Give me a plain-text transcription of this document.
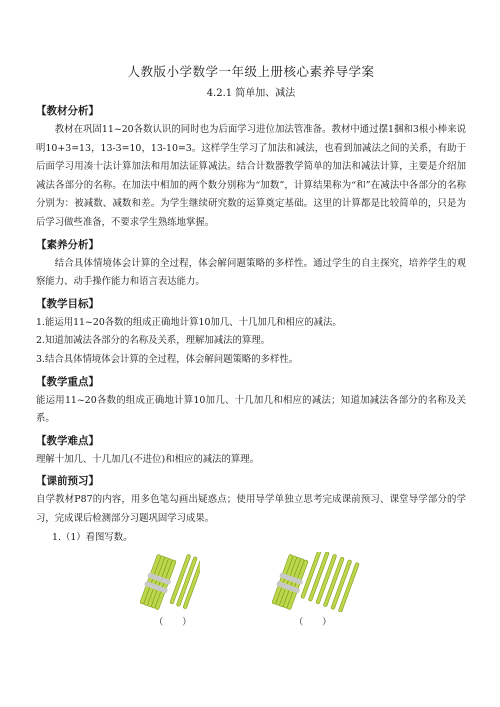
人教版小学数学一年级上册核心素养导学案
4.2.1 简单加、减法
【教材分析】

教材在巩固11~20各数认识的同时也为后面学习进位加法管准备。教材中通过摆1捆和3根小棒来说明10+3=13，13-3=10，13-10=3。这样学生学习了加法和减法，也看到加减法之间的关系，有助于后面学习用凑十法计算加法和用加法证算减法。结合计数器教学简单的加法和减法计算，主要是介绍加减法各部分的名称。在加法中相加的两个数分别称为“加数”，计算结果称为“和”在减法中各部分的名称分别为：被减数、减数和差。为学生继续研究数的运算奠定基础。这里的计算都是比较简单的，只是为后学习做些准备，不要求学生熟练地掌握。

【素养分析】

结合具体情境体会计算的全过程，体会解问题策略的多样性。通过学生的自主探究，培养学生的观察能力、动手操作能力和语言表达能力。

【教学目标】

1.能运用11~20各数的组成正确地计算10加几、十几加几和相应的减法。

2.知道加减法各部分的名称及关系，理解加减法的算理。

3.结合具体情境体会计算的全过程，体会解问题策略的多样性。

【教学重点】

能运用11~20各数的组成正确地计算10加几、十几加几和相应的减法；知道加减法各部分的名称及关系。

【教学难点】

理解十加几、十几加几(不进位)和相应的减法的算理。

【课前预习】

自学教材P87的内容，用多色笔勾画出疑惑点；使用导学单独立思考完成课前预习、课堂导学部分的学习，完成课后检测部分习题巩固学习成果。

1.（1）看图写数。

（　　）	（　　）
